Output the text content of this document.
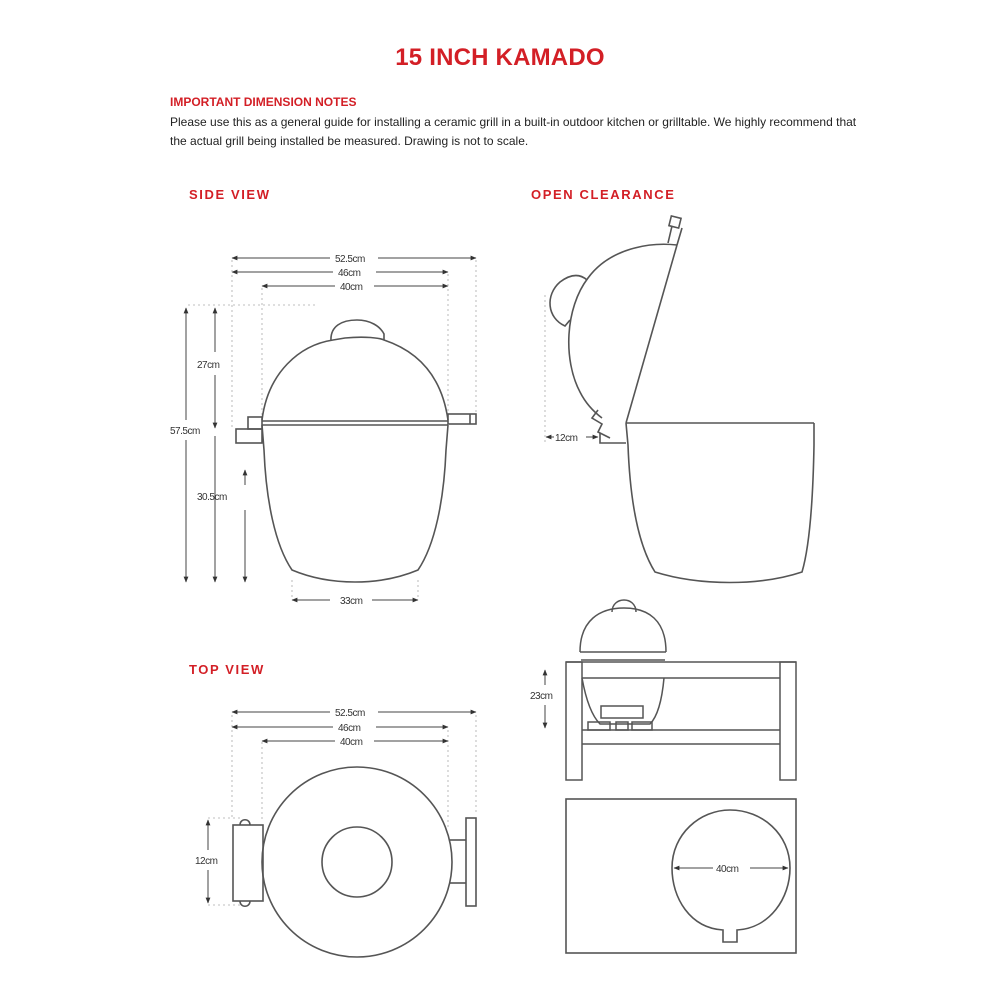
15 INCH KAMADO
IMPORTANT DIMENSION NOTES
Please use this as a general guide for installing a ceramic grill in a built-in outdoor kitchen or grilltable. We highly recommend that the actual grill being installed be measured. Drawing is not to scale.
SIDE VIEW	OPEN CLEARANCE
TOP VIEW
52.5cm
46cm
40cm
27cm
57.5cm
30.5cm
33cm
12cm
23cm
40cm
52.5cm
46cm
40cm
12cm
